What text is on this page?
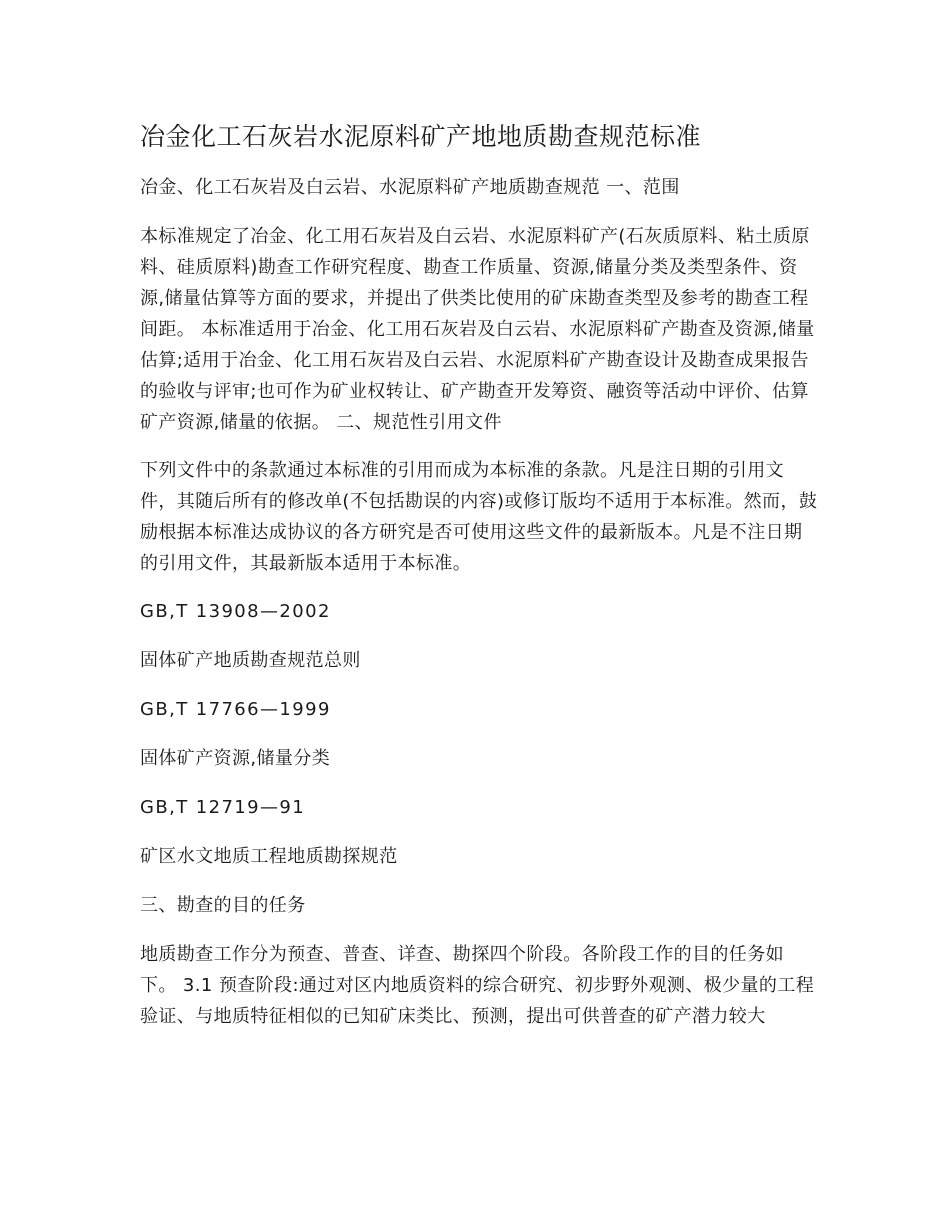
冶金化工石灰岩水泥原料矿产地地质勘查规范标准

冶金、化工石灰岩及白云岩、水泥原料矿产地质勘查规范 一、范围

本标准规定了冶金、化工用石灰岩及白云岩、水泥原料矿产(石灰质原料、粘土质原料、硅质原料)勘查工作研究程度、勘查工作质量、资源,储量分类及类型条件、资源,储量估算等方面的要求，并提出了供类比使用的矿床勘查类型及参考的勘查工程间距。 本标准适用于冶金、化工用石灰岩及白云岩、水泥原料矿产勘查及资源,储量估算;适用于冶金、化工用石灰岩及白云岩、水泥原料矿产勘查设计及勘查成果报告的验收与评审;也可作为矿业权转让、矿产勘查开发筹资、融资等活动中评价、估算矿产资源,储量的依据。 二、规范性引用文件

下列文件中的条款通过本标准的引用而成为本标准的条款。凡是注日期的引用文件，其随后所有的修改单(不包括勘误的内容)或修订版均不适用于本标准。然而，鼓励根据本标准达成协议的各方研究是否可使用这些文件的最新版本。凡是不注日期的引用文件，其最新版本适用于本标准。

GB,T 13908—2002

固体矿产地质勘查规范总则

GB,T 17766—1999

固体矿产资源,储量分类

GB,T 12719—91

矿区水文地质工程地质勘探规范

三、勘查的目的任务

地质勘查工作分为预查、普查、详查、勘探四个阶段。各阶段工作的目的任务如下。 3.1 预查阶段:通过对区内地质资料的综合研究、初步野外观测、极少量的工程验证、与地质特征相似的已知矿床类比、预测，提出可供普查的矿产潜力较大
